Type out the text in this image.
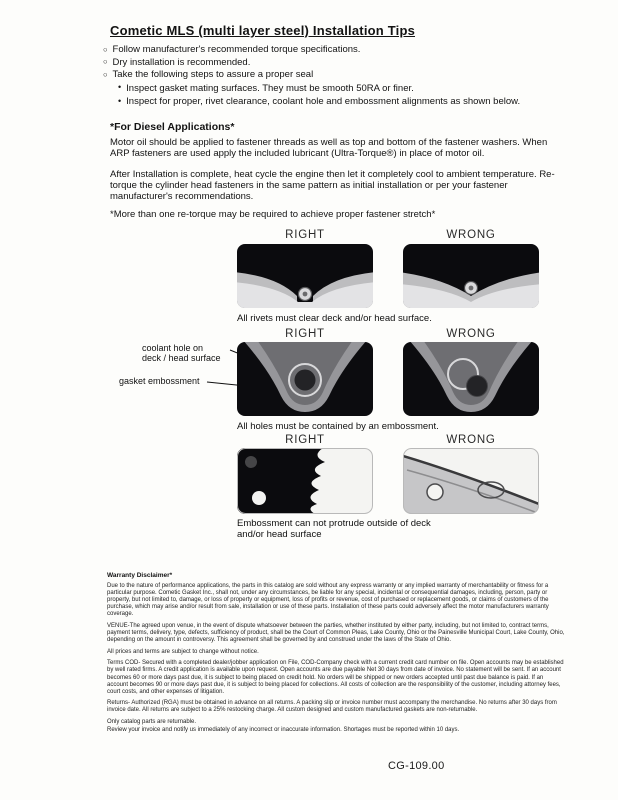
Cometic MLS (multi layer steel) Installation Tips
○ Follow manufacturer's recommended torque specifications.
○ Dry installation is recommended.
○ Take the following steps to assure a proper seal
• Inspect gasket mating surfaces. They must be smooth 50RA or finer.
• Inspect for proper, rivet clearance, coolant hole and embossment alignments as shown below.
*For Diesel Applications*
Motor oil should be applied to fastener threads as well as top and bottom of the fastener washers. When ARP fasteners are used apply the included lubricant (Ultra-Torque®) in place of motor oil.
After Installation is complete, heat cycle the engine then let it completely cool to ambient temperature. Re-torque the cylinder head fasteners in the same pattern as initial installation or per your fastener manufacturer's recommendations.
*More than one re-torque may be required to achieve proper fastener stretch*
RIGHT	WRONG
All rivets must clear deck and/or head surface.
RIGHT	WRONG
coolant hole on
deck / head surface
gasket embossment
All holes must be contained by an embossment.
RIGHT	WRONG
Embossment can not protrude outside of deck
and/or head surface
Warranty Disclaimer*
Due to the nature of performance applications, the parts in this catalog are sold without any express warranty or any implied warranty of merchantability or fitness for a particular purpose. Cometic Gasket Inc., shall not, under any circumstances, be liable for any special, incidental or consequential damages, including, person, party or property, but not limited to, damage, or loss of property or equipment, loss of profits or revenue, cost of purchased or replacement goods, or claims of customers of the purchase, which may arise and/or result from sale, installation or use of these parts. Installation of these parts could adversely affect the motor manufacturers warranty coverage.
VENUE-The agreed upon venue, in the event of dispute whatsoever between the parties, whether instituted by either party, including, but not limited to, contract terms, payment terms, delivery, type, defects, sufficiency of product, shall be the Court of Common Pleas, Lake County, Ohio or the Painesville Municipal Court, Lake County, Ohio, depending on the amount in controversy. This agreement shall be governed by and construed under the laws of the State of Ohio.
All prices and terms are subject to change without notice.
Terms COD- Secured with a completed dealer/jobber application on File, COD-Company check with a current credit card number on file. Open accounts may be established by well rated firms. A credit application is available upon request. Open accounts are due payable Net 30 days from date of invoice. No statement will be sent. If an account becomes 60 or more days past due, it is subject to being placed on credit hold. No orders will be shipped or new orders accepted until past due balance is paid. If an account becomes 90 or more days past due, it is subject to being placed for collections. All costs of collection are the responsibility of the customer, including attorney fees, court costs, and other expenses of litigation.
Returns- Authorized (RGA) must be obtained in advance on all returns. A packing slip or invoice number must accompany the merchandise. No returns after 30 days from invoice date. All returns are subject to a 25% restocking charge. All custom designed and custom manufactured gaskets are non-returnable.
Only catalog parts are returnable.
Review your invoice and notify us immediately of any incorrect or inaccurate information. Shortages must be reported within 10 days.
CG-109.00
